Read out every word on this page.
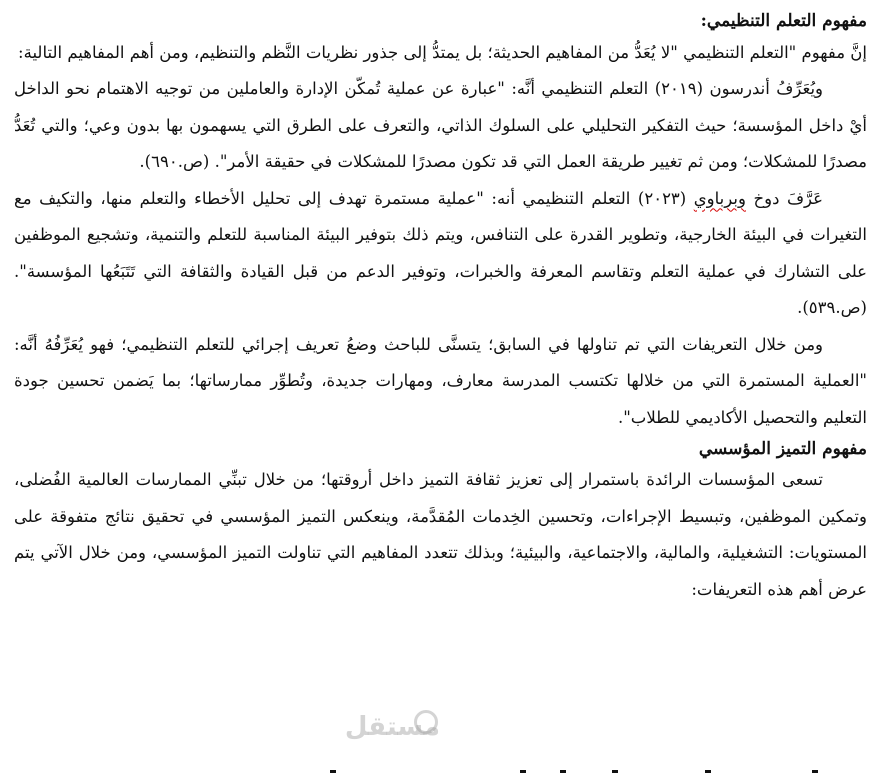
مفهوم التعلم التنظيمي:

إنَّ مفهوم "التعلم التنظيمي "لا يُعَدُّ من المفاهيم الحديثة؛ بل يمتدُّ إلى جذور نظريات النَّظم والتنظيم، ومن أهم المفاهيم التالية:

ويُعَرِّفُ أندرسون (٢٠١٩) التعلم التنظيمي أنَّه: "عبارة عن عملية تُمكّن الإدارة والعاملين من توجيه الاهتمام نحو الداخل أيْ داخل المؤسسة؛ حيث التفكير التحليلي على السلوك الذاتي، والتعرف على الطرق التي يسهمون بها بدون وعي؛ والتي تُعَدُّ مصدرًا للمشكلات؛ ومن ثم تغيير طريقة العمل التي قد تكون مصدرًا للمشكلات في حقيقة الأمر". (ص.٦٩٠).

عَرَّفَ دوخ وبرباوي (٢٠٢٣) التعلم التنظيمي أنه: "عملية مستمرة تهدف إلى تحليل الأخطاء والتعلم منها، والتكيف مع التغيرات في البيئة الخارجية، وتطوير القدرة على التنافس، ويتم ذلك بتوفير البيئة المناسبة للتعلم والتنمية، وتشجيع الموظفين على التشارك في عملية التعلم وتقاسم المعرفة والخبرات، وتوفير الدعم من قبل القيادة والثقافة التي تَتَبَعُها المؤسسة". (ص.٥٣٩).

ومن خلال التعريفات التي تم تناولها في السابق؛ يتسنَّى للباحث وضعُ تعريف إجرائي للتعلم التنظيمي؛ فهو يُعَرِّفُهُ أنَّه: "العملية المستمرة التي من خلالها تكتسب المدرسة معارف، ومهارات جديدة، وتُطوِّر ممارساتها؛ بما يَضمن تحسين جودة التعليم والتحصيل الأكاديمي للطلاب".

مفهوم التميز المؤسسي

تسعى المؤسسات الرائدة باستمرار إلى تعزيز ثقافة التميز داخل أروقتها؛ من خلال تبنِّي الممارسات العالمية الفُضلى، وتمكين الموظفين، وتبسيط الإجراءات، وتحسين الخِدمات المُقدَّمة، وينعكس التميز المؤسسي في تحقيق نتائج متفوقة على المستويات: التشغيلية، والمالية، والاجتماعية، والبيئية؛ وبذلك تتعدد المفاهيم التي تناولت التميز المؤسسي، ومن خلال الآتي يتم عرض أهم هذه التعريفات:

مستقل
